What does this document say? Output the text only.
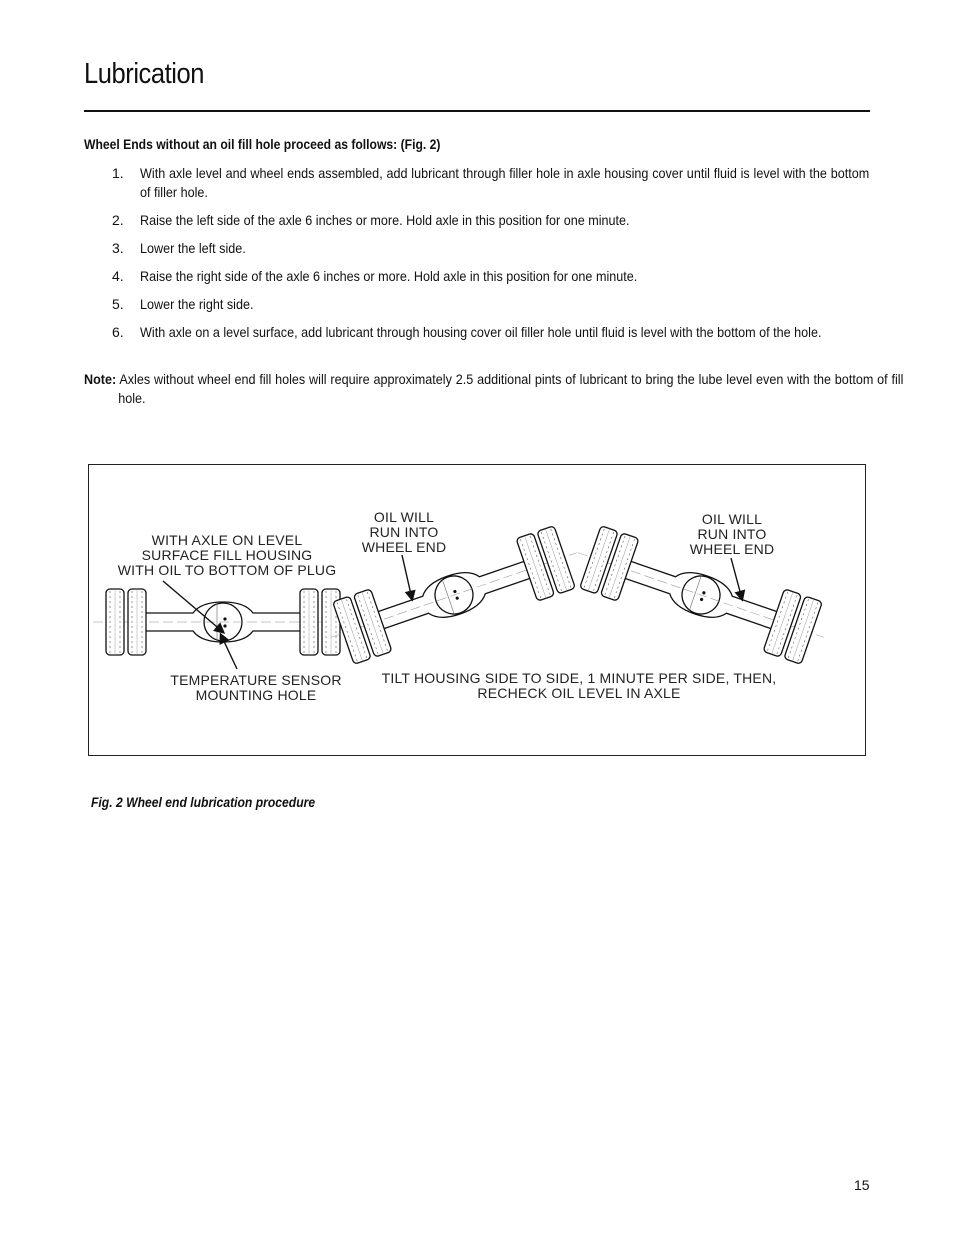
Lubrication
Wheel Ends without an oil fill hole proceed as follows: (Fig. 2)
1. With axle level and wheel ends assembled, add lubricant through filler hole in axle housing cover until fluid is level with the bottom of filler hole.
2. Raise the left side of the axle 6 inches or more. Hold axle in this position for one minute.
3. Lower the left side.
4. Raise the right side of the axle 6 inches or more. Hold axle in this position for one minute.
5. Lower the right side.
6. With axle on a level surface, add lubricant through housing cover oil filler hole until fluid is level with the bottom of the hole.
Note: Axles without wheel end fill holes will require approximately 2.5 additional pints of lubricant to bring the lube level even with the bottom of fill hole.
WITH AXLE ON LEVEL
SURFACE FILL HOUSING
WITH OIL TO BOTTOM OF PLUG
TEMPERATURE SENSOR
MOUNTING HOLE
OIL WILL
RUN INTO
WHEEL END
OIL WILL
RUN INTO
WHEEL END
TILT HOUSING SIDE TO SIDE, 1 MINUTE PER SIDE, THEN,
RECHECK OIL LEVEL IN AXLE
Fig. 2 Wheel end lubrication procedure
15
